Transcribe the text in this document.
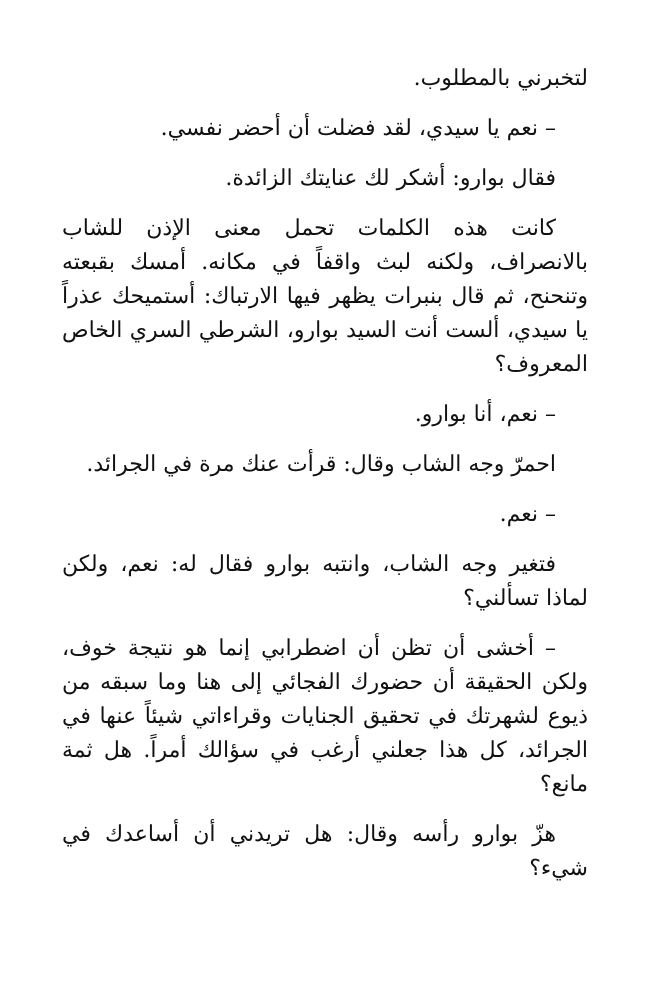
لتخبرني بالمطلوب.

– نعم يا سيدي، لقد فضلت أن أحضر نفسي.

فقال بوارو: أشكر لك عنايتك الزائدة.

كانت هذه الكلمات تحمل معنى الإذن للشاب بالانصراف، ولكنه لبث واقفاً في مكانه. أمسك بقبعته وتنحنح، ثم قال بنبرات يظهر فيها الارتباك: أستميحك عذراً يا سيدي، ألست أنت السيد بوارو، الشرطي السري الخاص المعروف؟

– نعم، أنا بوارو.

احمرّ وجه الشاب وقال: قرأت عنك مرة في الجرائد.

– نعم.

فتغير وجه الشاب، وانتبه بوارو فقال له: نعم، ولكن لماذا تسألني؟

– أخشى أن تظن أن اضطرابي إنما هو نتيجة خوف، ولكن الحقيقة أن حضورك الفجائي إلى هنا وما سبقه من ذيوع لشهرتك في تحقيق الجنايات وقراءاتي شيئاً عنها في الجرائد، كل هذا جعلني أرغب في سؤالك أمراً. هل ثمة مانع؟

هزّ بوارو رأسه وقال: هل تريدني أن أساعدك في شيء؟
